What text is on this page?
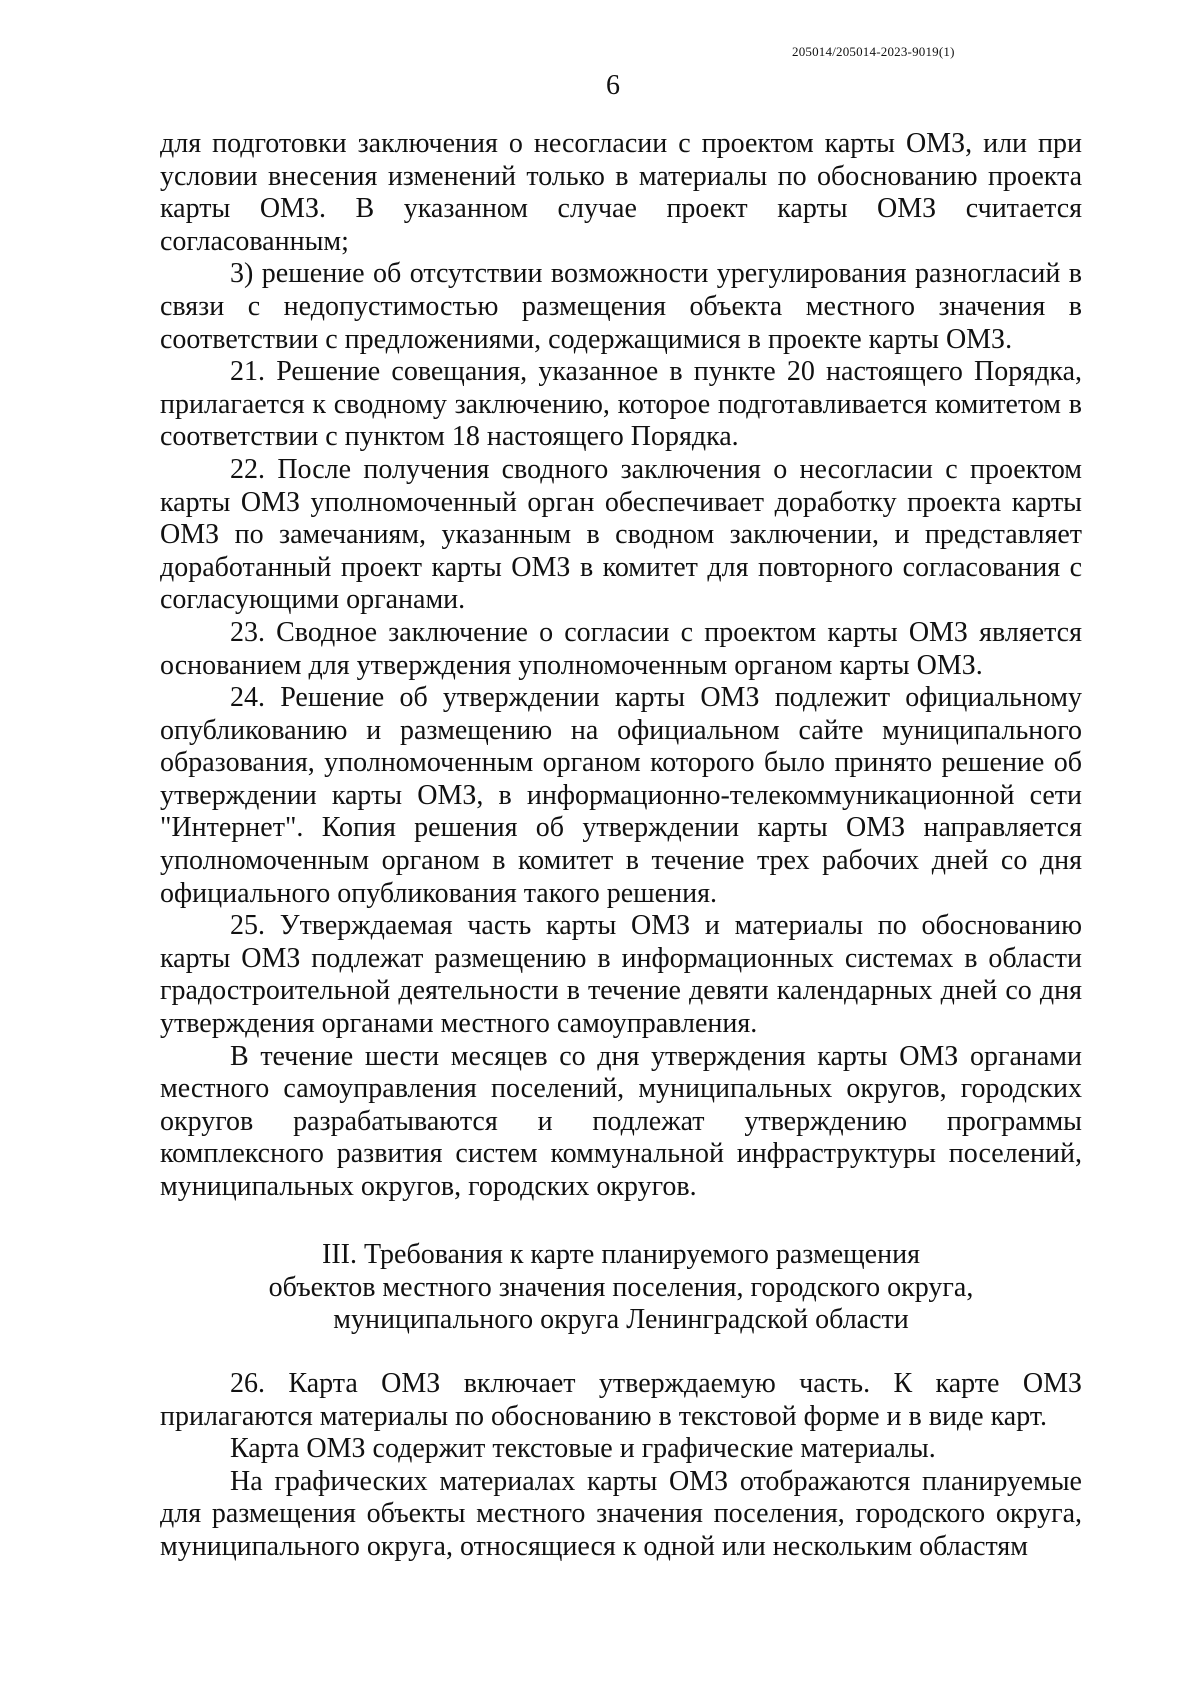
205014/205014-2023-9019(1)
6

для подготовки заключения о несогласии с проектом карты ОМЗ, или при условии внесения изменений только в материалы по обоснованию проекта карты ОМЗ. В указанном случае проект карты ОМЗ считается согласованным;

3) решение об отсутствии возможности урегулирования разногласий в связи с недопустимостью размещения объекта местного значения в соответствии с предложениями, содержащимися в проекте карты ОМЗ.

21. Решение совещания, указанное в пункте 20 настоящего Порядка, прилагается к сводному заключению, которое подготавливается комитетом в соответствии с пунктом 18 настоящего Порядка.

22. После получения сводного заключения о несогласии с проектом карты ОМЗ уполномоченный орган обеспечивает доработку проекта карты ОМЗ по замечаниям, указанным в сводном заключении, и представляет доработанный проект карты ОМЗ в комитет для повторного согласования с согласующими органами.

23. Сводное заключение о согласии с проектом карты ОМЗ является основанием для утверждения уполномоченным органом карты ОМЗ.

24. Решение об утверждении карты ОМЗ подлежит официальному опубликованию и размещению на официальном сайте муниципального образования, уполномоченным органом которого было принято решение об утверждении карты ОМЗ, в информационно-телекоммуникационной сети "Интернет". Копия решения об утверждении карты ОМЗ направляется уполномоченным органом в комитет в течение трех рабочих дней со дня официального опубликования такого решения.

25. Утверждаемая часть карты ОМЗ и материалы по обоснованию карты ОМЗ подлежат размещению в информационных системах в области градостроительной деятельности в течение девяти календарных дней со дня утверждения органами местного самоуправления.

В течение шести месяцев со дня утверждения карты ОМЗ органами местного самоуправления поселений, муниципальных округов, городских округов разрабатываются и подлежат утверждению программы комплексного развития систем коммунальной инфраструктуры поселений, муниципальных округов, городских округов.

III. Требования к карте планируемого размещения
объектов местного значения поселения, городского округа,
муниципального округа Ленинградской области

26. Карта ОМЗ включает утверждаемую часть. К карте ОМЗ прилагаются материалы по обоснованию в текстовой форме и в виде карт.

Карта ОМЗ содержит текстовые и графические материалы.

На графических материалах карты ОМЗ отображаются планируемые для размещения объекты местного значения поселения, городского округа, муниципального округа, относящиеся к одной или нескольким областям
